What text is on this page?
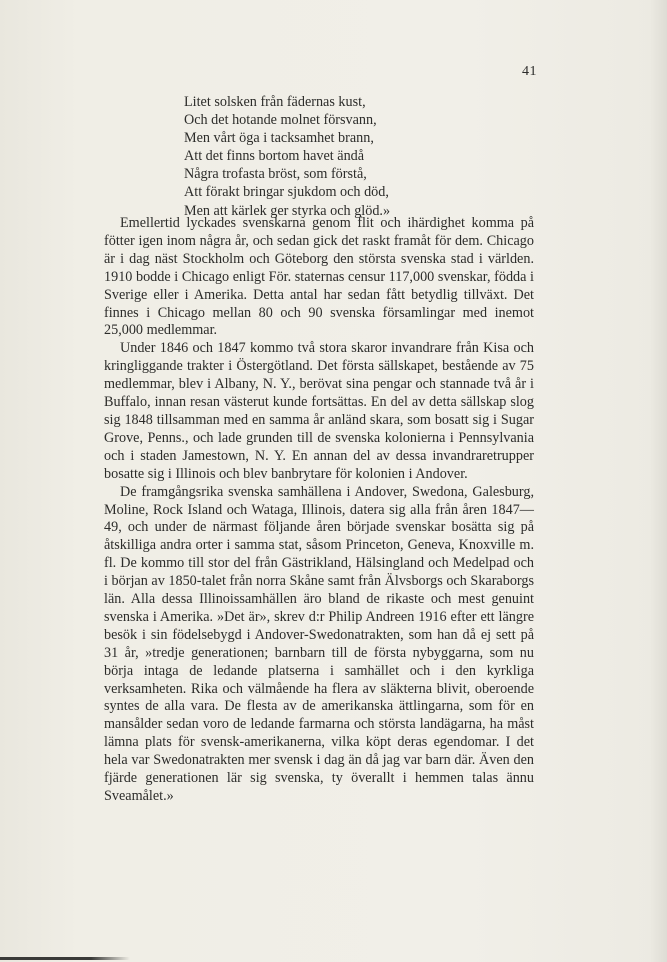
41
Litet solsken från fädernas kust,
Och det hotande molnet försvann,
Men vårt öga i tacksamhet brann,
Att det finns bortom havet ändå
Några trofasta bröst, som förstå,
Att förakt bringar sjukdom och död,
Men att kärlek ger styrka och glöd.»

Emellertid lyckades svenskarna genom flit och ihärdighet komma på fötter igen inom några år, och sedan gick det raskt framåt för dem. Chicago är i dag näst Stockholm och Göteborg den största svenska stad i världen. 1910 bodde i Chicago enligt För. staternas censur 117,000 svenskar, födda i Sverige eller i Amerika. Detta antal har sedan fått betydlig tillväxt. Det finnes i Chicago mellan 80 och 90 svenska församlingar med inemot 25,000 medlemmar.

Under 1846 och 1847 kommo två stora skaror invandrare från Kisa och kringliggande trakter i Östergötland. Det första sällskapet, bestående av 75 medlemmar, blev i Albany, N. Y., berövat sina pengar och stannade två år i Buffalo, innan resan västerut kunde fortsättas. En del av detta sällskap slog sig 1848 tillsamman med en samma år anländ skara, som bosatt sig i Sugar Grove, Penns., och lade grunden till de svenska kolonierna i Pennsylvania och i staden Jamestown, N. Y. En annan del av dessa invandraretrupper bosatte sig i Illinois och blev banbrytare för kolonien i Andover.

De framgångsrika svenska samhällena i Andover, Swedona, Galesburg, Moline, Rock Island och Wataga, Illinois, datera sig alla från åren 1847—49, och under de närmast följande åren började svenskar bosätta sig på åtskilliga andra orter i samma stat, såsom Princeton, Geneva, Knoxville m. fl. De kommo till stor del från Gästrikland, Hälsingland och Medelpad och i början av 1850-talet från norra Skåne samt från Älvsborgs och Skaraborgs län. Alla dessa Illinoissamhällen äro bland de rikaste och mest genuint svenska i Amerika. »Det är», skrev d:r Philip Andreen 1916 efter ett längre besök i sin födelsebygd i Andover-Swedonatrakten, som han då ej sett på 31 år, »tredje generationen; barnbarn till de första nybyggarna, som nu börja intaga de ledande platserna i samhället och i den kyrkliga verksamheten. Rika och välmående ha flera av släkterna blivit, oberoende syntes de alla vara. De flesta av de amerikanska ättlingarna, som för en mansålder sedan voro de ledande farmarna och största landägarna, ha måst lämna plats för svensk-amerikanerna, vilka köpt deras egendomar. I det hela var Swedonatrakten mer svensk i dag än då jag var barn där. Även den fjärde generationen lär sig svenska, ty överallt i hemmen talas ännu Sveamålet.»
